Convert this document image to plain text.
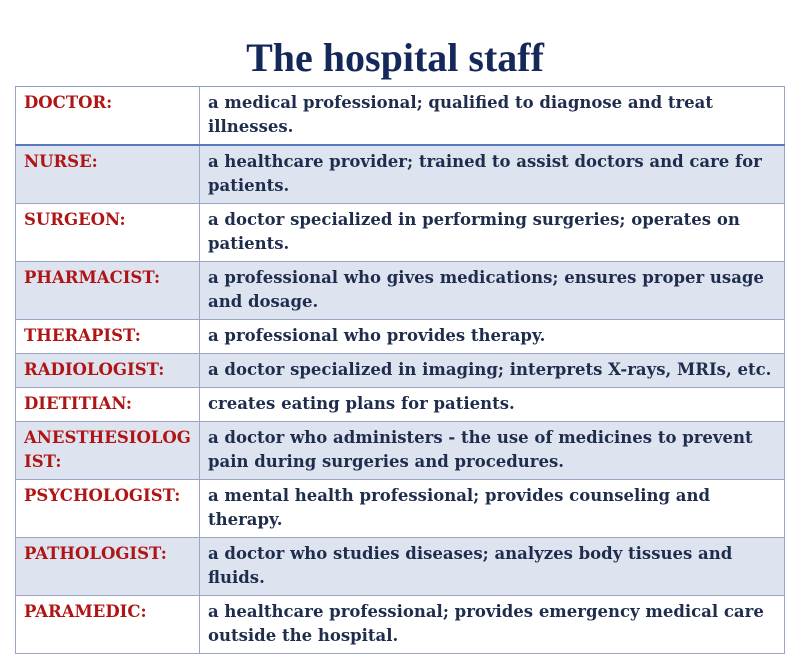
The hospital staff
DOCTOR:	a medical professional; qualified to diagnose and treat illnesses.
NURSE:	a healthcare provider; trained to assist doctors and care for patients.
SURGEON:	a doctor specialized in performing surgeries; operates on patients.
PHARMACIST:	a professional who gives medications; ensures proper usage and dosage.
THERAPIST:	a professional who provides therapy.
RADIOLOGIST:	a doctor specialized in imaging; interprets X-rays, MRIs, etc.
DIETITIAN:	creates eating plans for patients.
ANESTHESIOLOGIST:	a doctor who administers - the use of medicines to prevent pain during surgeries and procedures.
PSYCHOLOGIST:	a mental health professional; provides counseling and therapy.
PATHOLOGIST:	a doctor who studies diseases; analyzes body tissues and fluids.
PARAMEDIC:	a healthcare professional; provides emergency medical care outside the hospital.
